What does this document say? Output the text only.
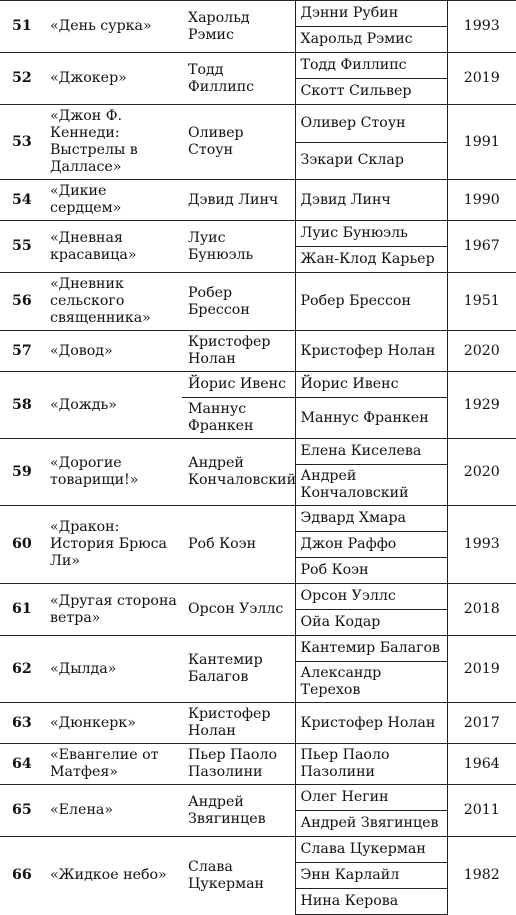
51	«День сурка»	Харольд Рэмис	Дэнни Рубин	1993
			Харольд Рэмис	
52	«Джокер»	Тодд Филлипс	Тодд Филлипс	2019
			Скотт Сильвер	
53	«Джон Ф. Кеннеди: Выстрелы в Далласе»	Оливер Стоун	Оливер Стоун	1991
			Зэкари Склар	
54	«Дикие сердцем»	Дэвид Линч	Дэвид Линч	1990
55	«Дневная красавица»	Луис Бунюэль	Луис Бунюэль	1967
			Жан-Клод Карьер	
56	«Дневник сельского священника»	Робер Брессон	Робер Брессон	1951
57	«Довод»	Кристофер Нолан	Кристофер Нолан	2020
58	«Дождь»	Йорис Ивенс	Йорис Ивенс	1929
		Маннус Франкен	Маннус Франкен	
59	«Дорогие товарищи!»	Андрей Кончаловский	Елена Киселева	2020
			Андрей Кончаловский	
60	«Дракон: История Брюса Ли»	Роб Коэн	Эдвард Хмара	1993
			Джон Раффо	
			Роб Коэн	
61	«Другая сторона ветра»	Орсон Уэллс	Орсон Уэллс	2018
			Ойа Кодар	
62	«Дылда»	Кантемир Балагов	Кантемир Балагов	2019
			Александр Терехов	
63	«Дюнкерк»	Кристофер Нолан	Кристофер Нолан	2017
64	«Евангелие от Матфея»	Пьер Паоло Пазолини	Пьер Паоло Пазолини	1964
65	«Елена»	Андрей Звягинцев	Олег Негин	2011
			Андрей Звягинцев	
66	«Жидкое небо»	Слава Цукерман	Слава Цукерман	1982
			Энн Карлайл	
			Нина Керова	
